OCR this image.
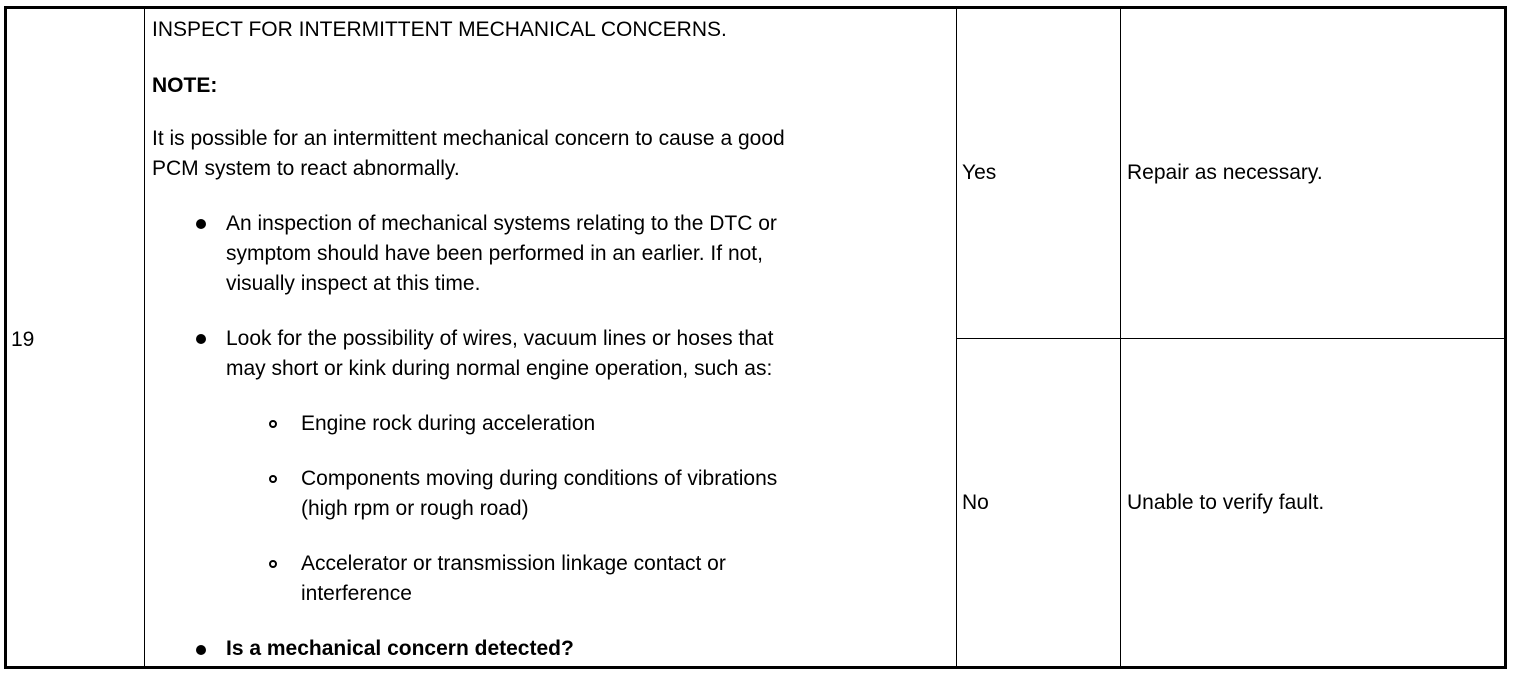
19
INSPECT FOR INTERMITTENT MECHANICAL CONCERNS.
NOTE:
It is possible for an intermittent mechanical concern to cause a good
PCM system to react abnormally.
An inspection of mechanical systems relating to the DTC or
symptom should have been performed in an earlier. If not,
visually inspect at this time.
Look for the possibility of wires, vacuum lines or hoses that
may short or kink during normal engine operation, such as:
Engine rock during acceleration
Components moving during conditions of vibrations
(high rpm or rough road)
Accelerator or transmission linkage contact or
interference
Is a mechanical concern detected?
Yes	Repair as necessary.
No	Unable to verify fault.
